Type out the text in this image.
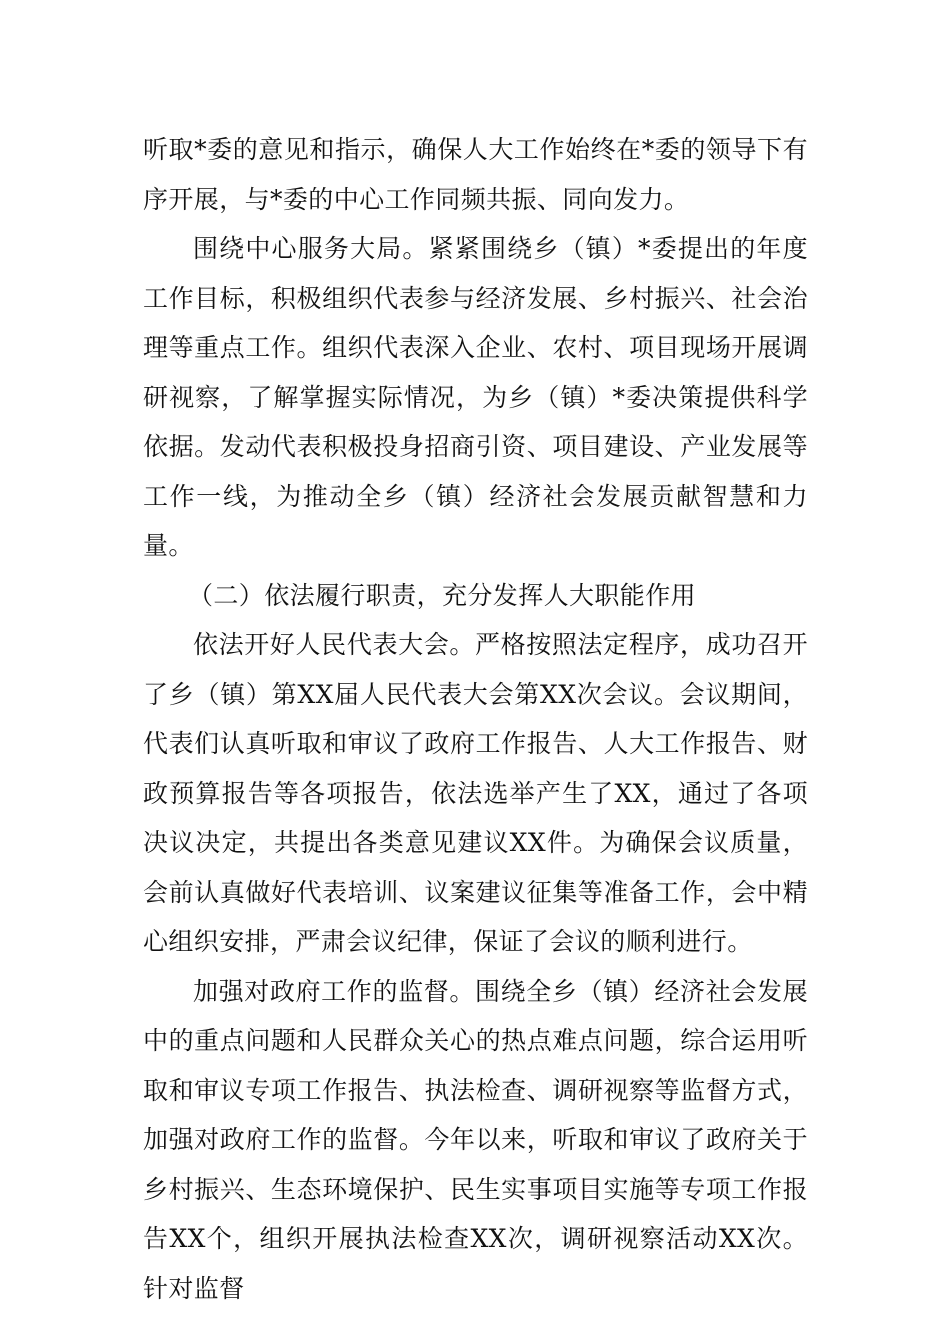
听取*委的意见和指示，确保人大工作始终在*委的领导下有序开展，与*委的中心工作同频共振、同向发力。

围绕中心服务大局。紧紧围绕乡（镇）*委提出的年度工作目标，积极组织代表参与经济发展、乡村振兴、社会治理等重点工作。组织代表深入企业、农村、项目现场开展调研视察，了解掌握实际情况，为乡（镇）*委决策提供科学依据。发动代表积极投身招商引资、项目建设、产业发展等工作一线，为推动全乡（镇）经济社会发展贡献智慧和力量。

（二）依法履行职责，充分发挥人大职能作用

依法开好人民代表大会。严格按照法定程序，成功召开了乡（镇）第XX届人民代表大会第XX次会议。会议期间，代表们认真听取和审议了政府工作报告、人大工作报告、财政预算报告等各项报告，依法选举产生了XX，通过了各项决议决定，共提出各类意见建议XX件。为确保会议质量，会前认真做好代表培训、议案建议征集等准备工作，会中精心组织安排，严肃会议纪律，保证了会议的顺利进行。

加强对政府工作的监督。围绕全乡（镇）经济社会发展中的重点问题和人民群众关心的热点难点问题，综合运用听取和审议专项工作报告、执法检查、调研视察等监督方式，加强对政府工作的监督。今年以来，听取和审议了政府关于乡村振兴、生态环境保护、民生实事项目实施等专项工作报告XX个，组织开展执法检查XX次，调研视察活动XX次。针对监督
